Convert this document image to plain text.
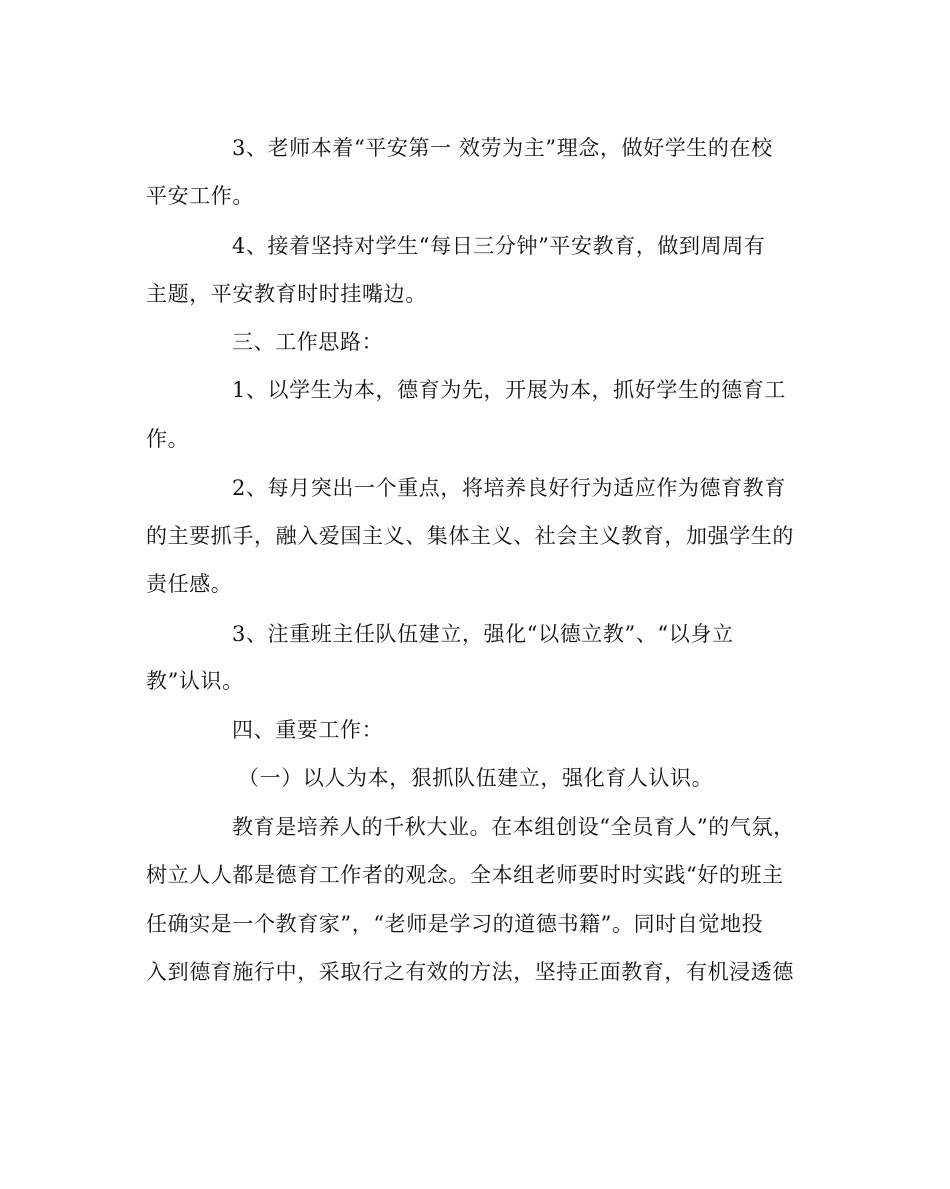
3、老师本着“平安第一 效劳为主”理念，做好学生的在校
平安工作。
4、接着坚持对学生“每日三分钟”平安教育，做到周周有
主题，平安教育时时挂嘴边。
三、工作思路：
1、以学生为本，德育为先，开展为本，抓好学生的德育工
作。
2、每月突出一个重点，将培养良好行为适应作为德育教育
的主要抓手，融入爱国主义、集体主义、社会主义教育，加强学生的
责任感。
3、注重班主任队伍建立，强化“以德立教”、“以身立
教”认识。
四、重要工作：
（一）以人为本，狠抓队伍建立，强化育人认识。
教育是培养人的千秋大业。在本组创设“全员育人”的气氛，
树立人人都是德育工作者的观念。全本组老师要时时实践“好的班主
任确实是一个教育家”，“老师是学习的道德书籍”。同时自觉地投
入到德育施行中，采取行之有效的方法，坚持正面教育，有机浸透德
